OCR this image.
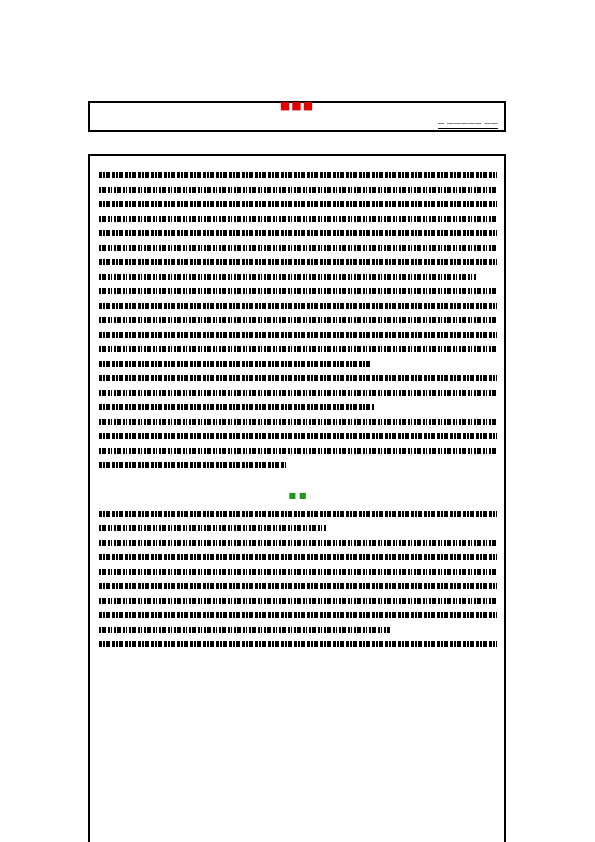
■■■
— ————— ——
■ ■
